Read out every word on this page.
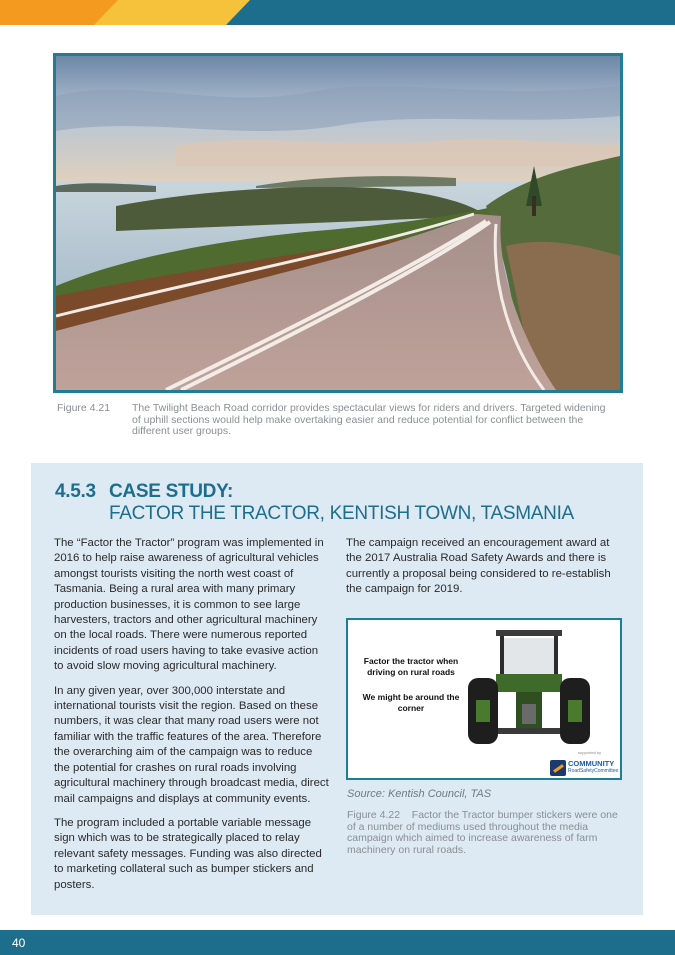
Figure 4.21 The Twilight Beach Road corridor provides spectacular views for riders and drivers. Targeted widening of uphill sections would help make overtaking easier and reduce potential for conflict between the different user groups.
4.5.3 CASE STUDY:
FACTOR THE TRACTOR, KENTISH TOWN, TASMANIA

The “Factor the Tractor” program was implemented in 2016 to help raise awareness of agricultural vehicles amongst tourists visiting the north west coast of Tasmania. Being a rural area with many primary production businesses, it is common to see large harvesters, tractors and other agricultural machinery on the local roads. There were numerous reported incidents of road users having to take evasive action to avoid slow moving agricultural machinery.

In any given year, over 300,000 interstate and international tourists visit the region. Based on these numbers, it was clear that many road users were not familiar with the traffic features of the area. Therefore the overarching aim of the campaign was to reduce the potential for crashes on rural roads involving agricultural machinery through broadcast media, direct mail campaigns and displays at community events.

The program included a portable variable message sign which was to be strategically placed to relay relevant safety messages. Funding was also directed to marketing collateral such as bumper stickers and posters.

The campaign received an encouragement award at the 2017 Australia Road Safety Awards and there is currently a proposal being considered to re-establish the campaign for 2019.

Factor the tractor when driving on rural roads
We might be around the corner
supported by
COMMUNITY
RoadSafetyCommittee
Source: Kentish Council, TAS
Figure 4.22 Factor the Tractor bumper stickers were one of a number of mediums used throughout the media campaign which aimed to increase awareness of farm machinery on rural roads.
40
